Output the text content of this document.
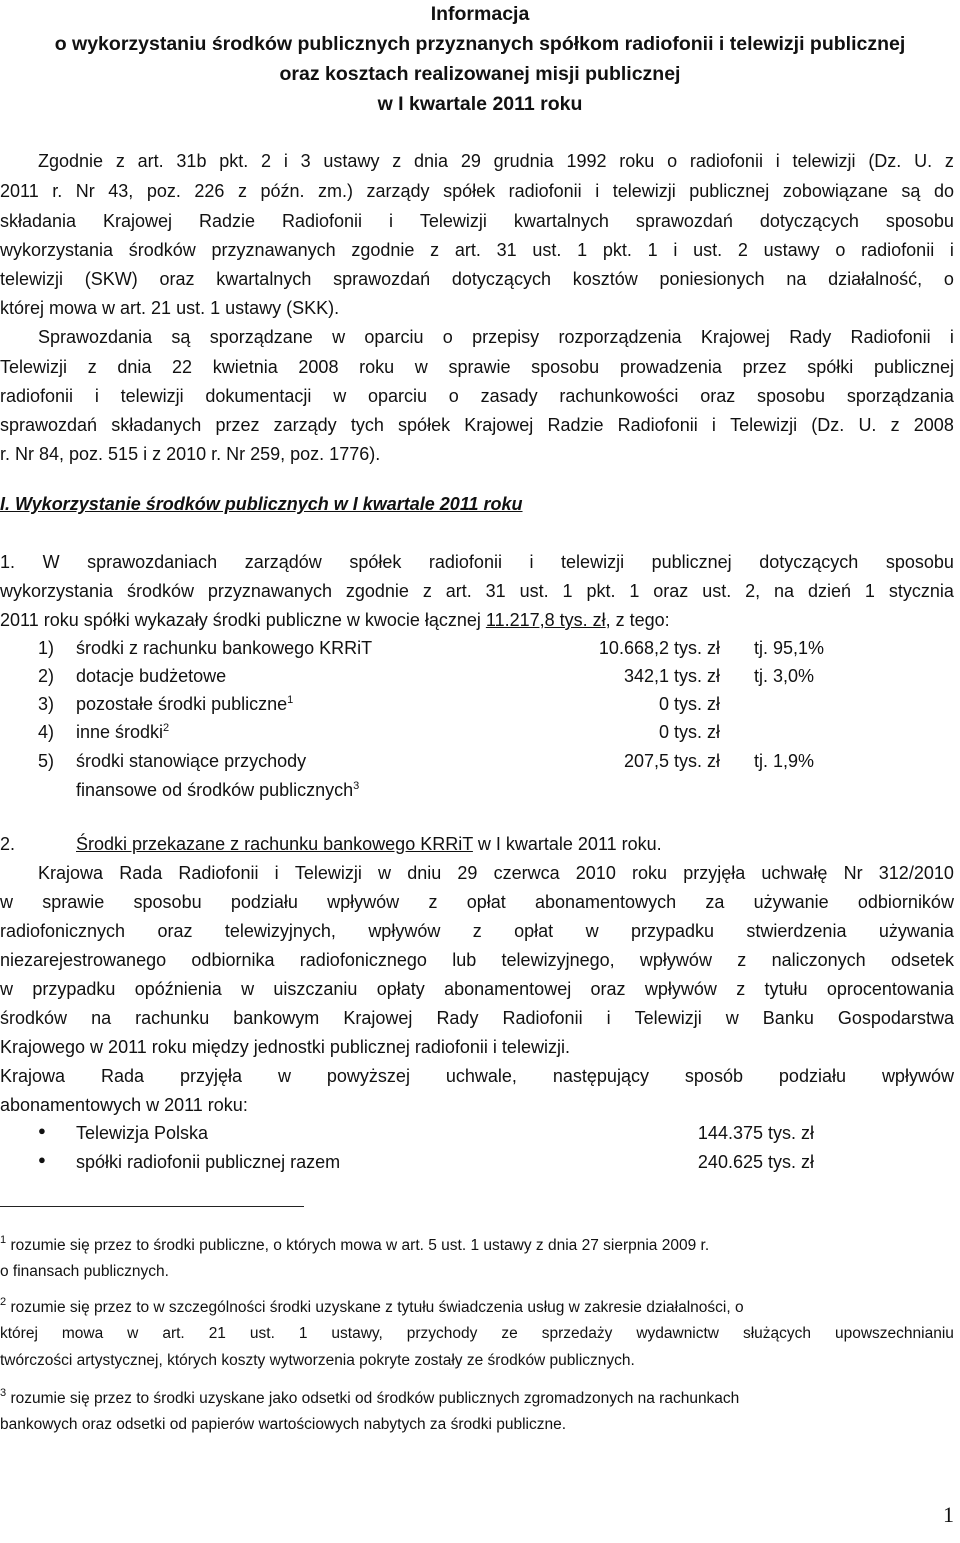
Informacja
o wykorzystaniu środków publicznych przyznanych spółkom radiofonii i telewizji publicznej
oraz kosztach realizowanej misji publicznej
w I kwartale 2011 roku
Zgodnie z art. 31b pkt. 2 i 3 ustawy z dnia 29 grudnia 1992 roku o radiofonii i telewizji (Dz. U. z
2011 r. Nr 43, poz. 226 z późn. zm.) zarządy spółek radiofonii i telewizji publicznej zobowiązane są do
składania Krajowej Radzie Radiofonii i Telewizji kwartalnych sprawozdań dotyczących sposobu
wykorzystania środków przyznawanych zgodnie z art. 31 ust. 1 pkt. 1 i ust. 2 ustawy o radiofonii i
telewizji (SKW) oraz kwartalnych sprawozdań dotyczących kosztów poniesionych na działalność, o
której mowa w art. 21 ust. 1 ustawy (SKK).
Sprawozdania są sporządzane w oparciu o przepisy rozporządzenia Krajowej Rady Radiofonii i
Telewizji z dnia 22 kwietnia 2008 roku w sprawie sposobu prowadzenia przez spółki publicznej
radiofonii i telewizji dokumentacji w oparciu o zasady rachunkowości oraz sposobu sporządzania
sprawozdań składanych przez zarządy tych spółek Krajowej Radzie Radiofonii i Telewizji (Dz. U. z 2008
r. Nr 84, poz. 515 i z 2010 r. Nr 259, poz. 1776).
I. Wykorzystanie środków publicznych w I kwartale 2011 roku
1. W sprawozdaniach zarządów spółek radiofonii i telewizji publicznej dotyczących sposobu
wykorzystania środków przyznawanych zgodnie z art. 31 ust. 1 pkt. 1 oraz ust. 2, na dzień 1 stycznia
2011 roku spółki wykazały środki publiczne w kwocie łącznej 11.217,8 tys. zł, z tego:
1) środki z rachunku bankowego KRRiT	10.668,2 tys. zł tj. 95,1%
2) dotacje budżetowe	342,1 tys. zł tj. 3,0%
3) pozostałe środki publiczne$^1$	0 tys. zł
4) inne środki$^2$	0 tys. zł
5) środki stanowiące przychody	207,5 tys. zł tj. 1,9%
finansowe od środków publicznych$^3$
2.	Środki przekazane z rachunku bankowego KRRiT w I kwartale 2011 roku.
Krajowa Rada Radiofonii i Telewizji w dniu 29 czerwca 2010 roku przyjęła uchwałę Nr 312/2010
w sprawie sposobu podziału wpływów z opłat abonamentowych za używanie odbiorników
radiofonicznych oraz telewizyjnych, wpływów z opłat w przypadku stwierdzenia używania
niezarejestrowanego odbiornika radiofonicznego lub telewizyjnego, wpływów z naliczonych odsetek
w przypadku opóźnienia w uiszczaniu opłaty abonamentowej oraz wpływów z tytułu oprocentowania
środków na rachunku bankowym Krajowej Rady Radiofonii i Telewizji w Banku Gospodarstwa
Krajowego w 2011 roku między jednostki publicznej radiofonii i telewizji.
Krajowa Rada przyjęła w powyższej uchwale, następujący sposób podziału wpływów
abonamentowych w 2011 roku:
● Telewizja Polska	144.375 tys. zł
● spółki radiofonii publicznej razem	240.625 tys. zł
$^1$ rozumie się przez to środki publiczne, o których mowa w art. 5 ust. 1 ustawy z dnia 27 sierpnia 2009 r.
o finansach publicznych.
$^2$ rozumie się przez to w szczególności środki uzyskane z tytułu świadczenia usług w zakresie działalności, o
której mowa w art. 21 ust. 1 ustawy, przychody ze sprzedaży wydawnictw służących upowszechnianiu
twórczości artystycznej, których koszty wytworzenia pokryte zostały ze środków publicznych.
$^3$ rozumie się przez to środki uzyskane jako odsetki od środków publicznych zgromadzonych na rachunkach
bankowych oraz odsetki od papierów wartościowych nabytych za środki publiczne.
1
